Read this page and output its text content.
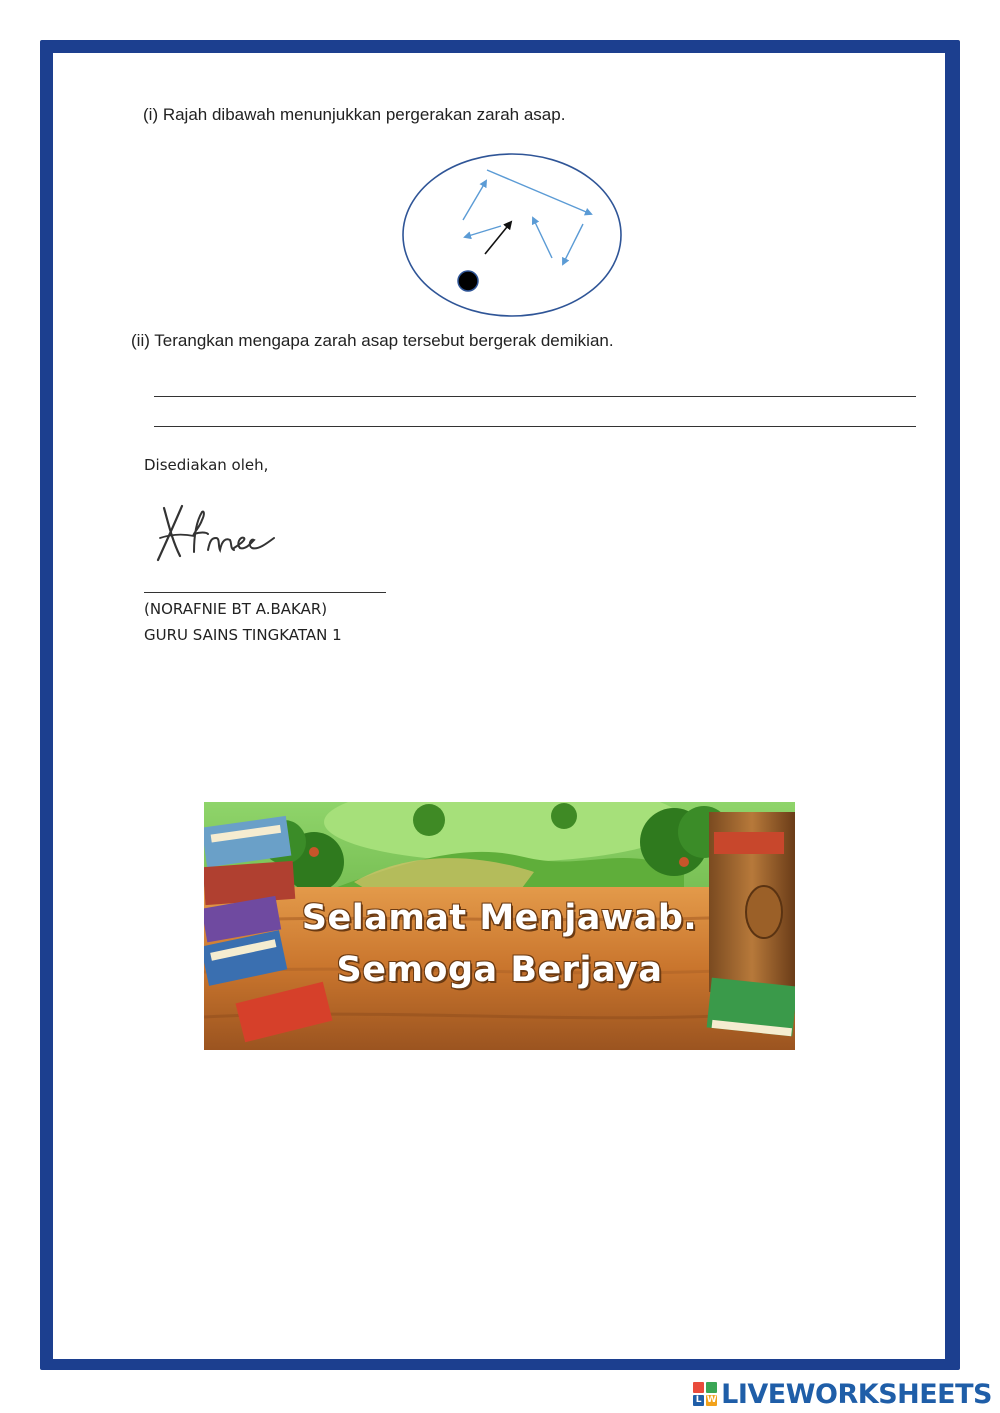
(i) Rajah dibawah menunjukkan pergerakan zarah asap.
(ii) Terangkan mengapa zarah asap tersebut bergerak demikian.
Disediakan oleh,
(NORAFNIE BT A.BAKAR)
GURU SAINS TINGKATAN 1
Selamat Menjawab.
Semoga Berjaya
L W LIVEWORKSHEETS
